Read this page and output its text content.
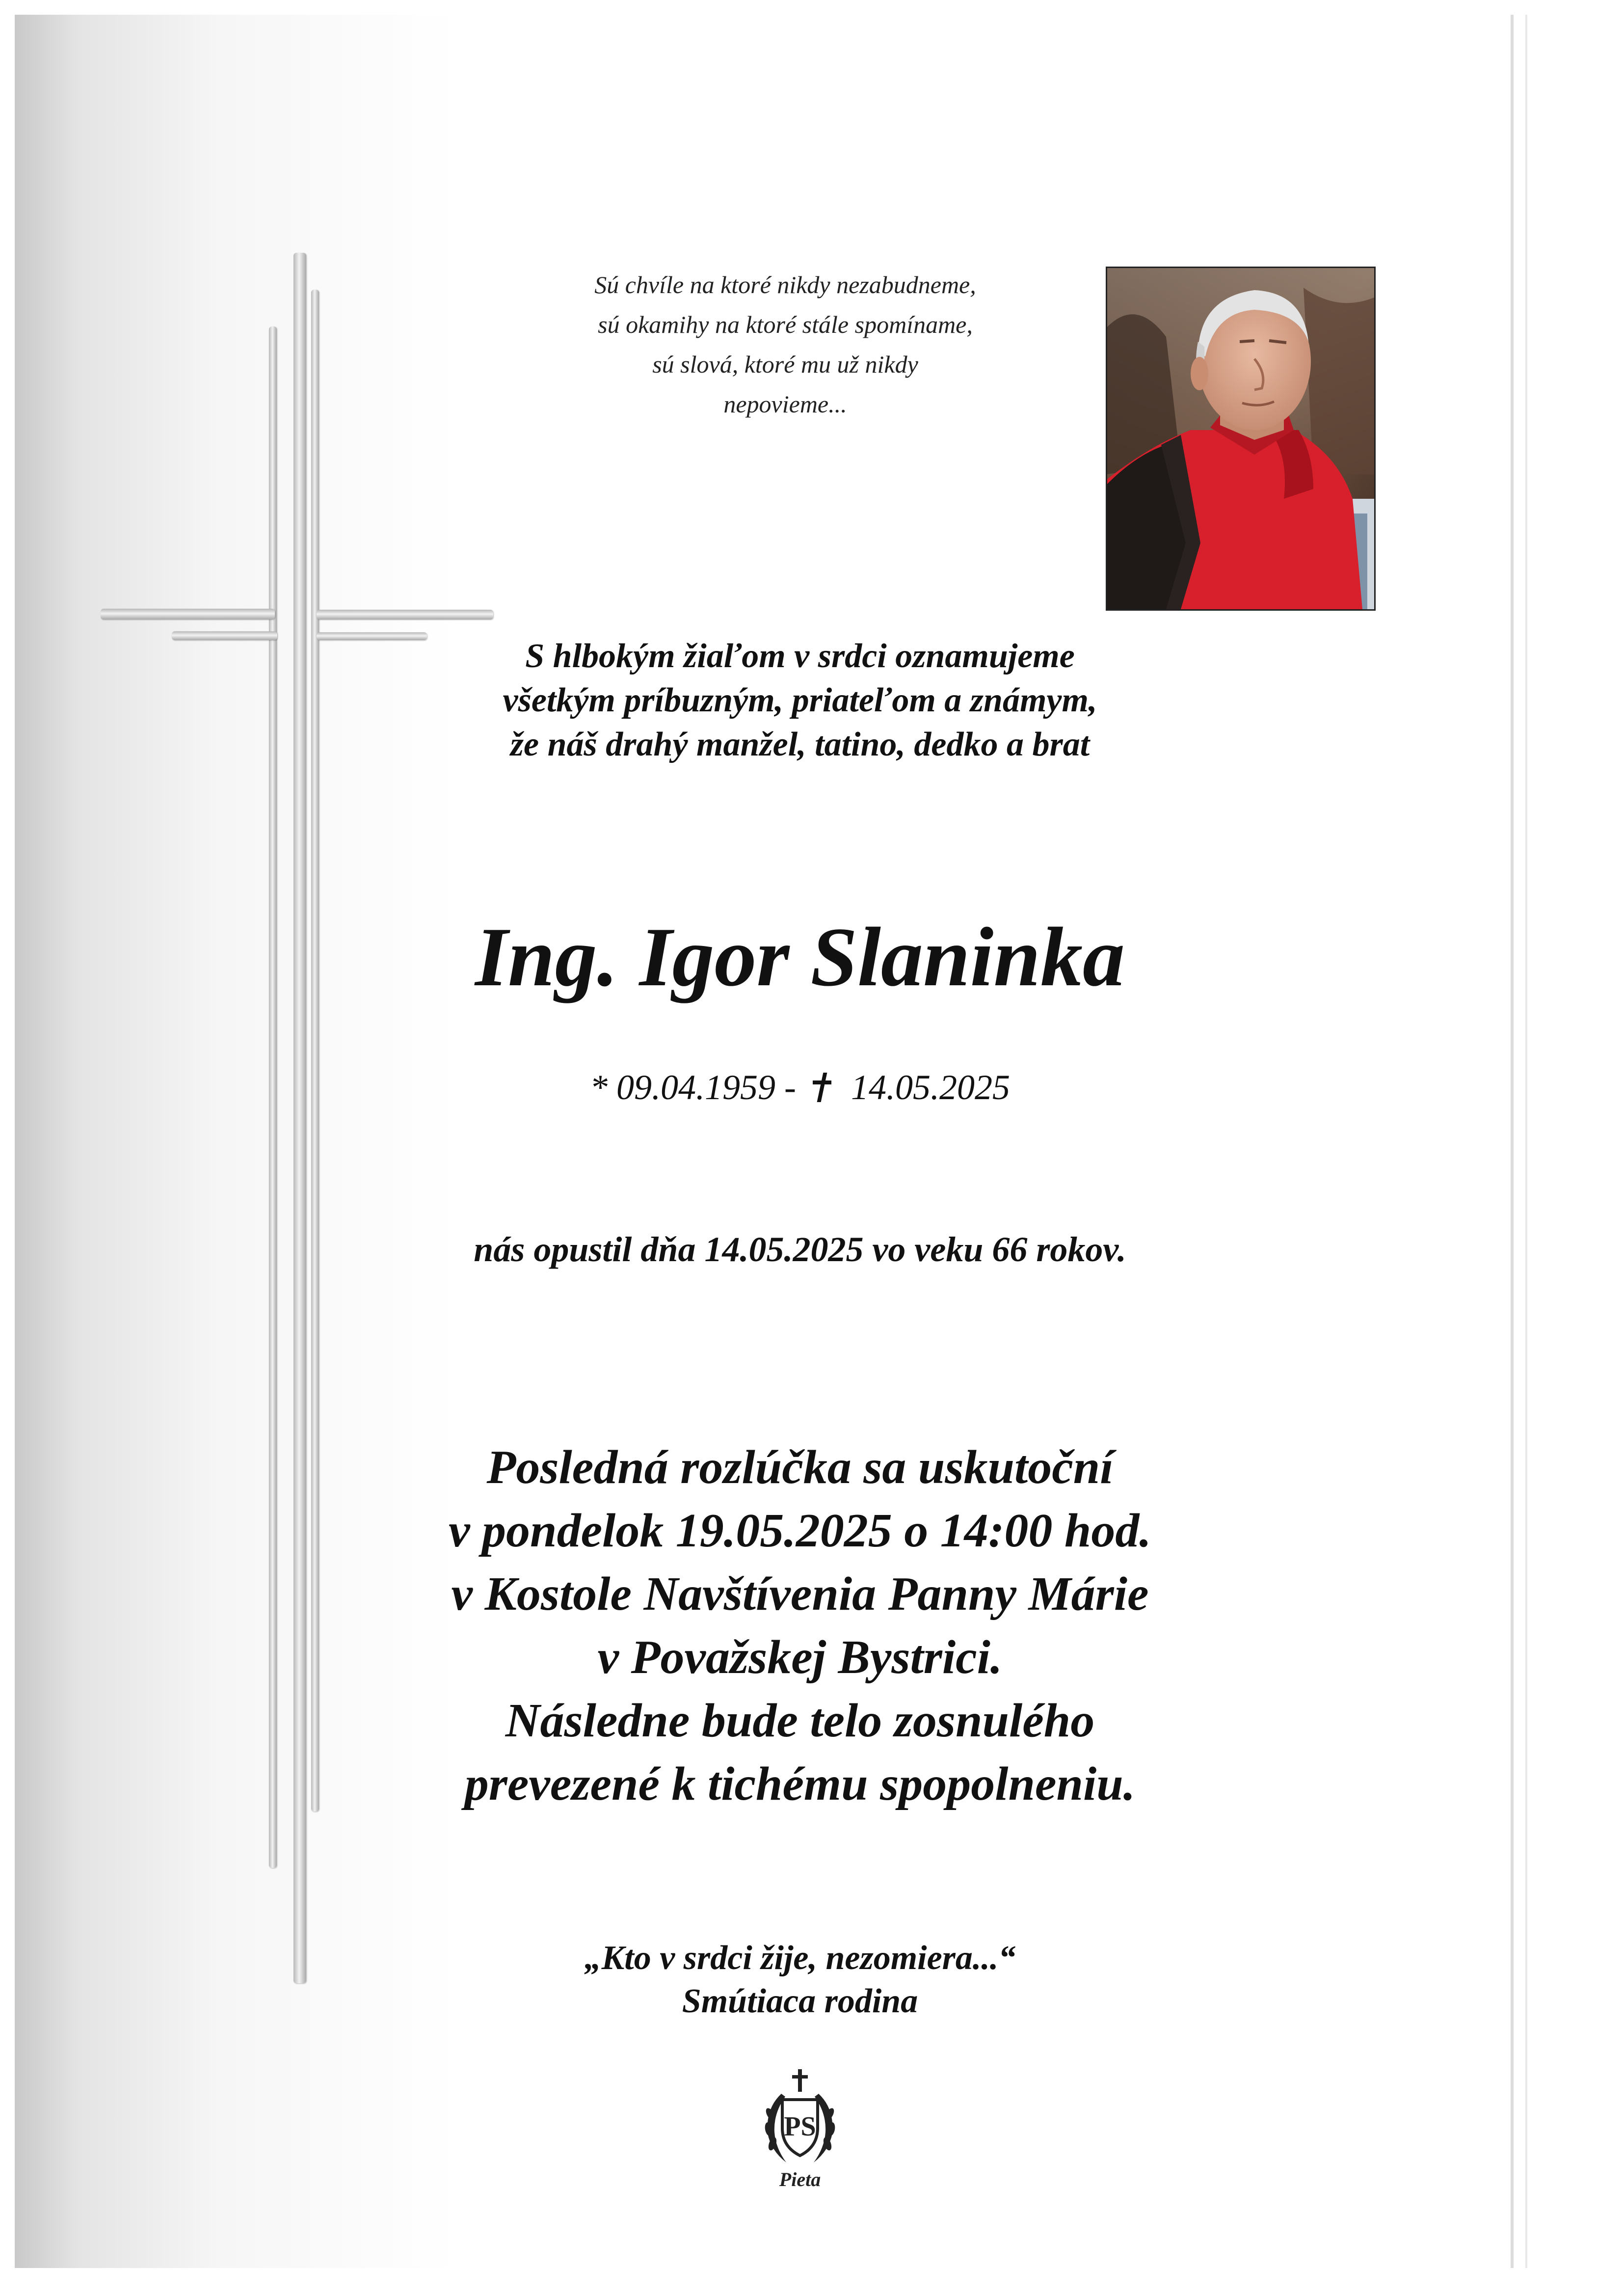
Sú chvíle na ktoré nikdy nezabudneme,
sú okamihy na ktoré stále spomíname,
sú slová, ktoré mu už nikdy
nepovieme...
S hlbokým žiaľom v srdci oznamujeme
všetkým príbuzným, priateľom a známym,
že náš drahý manžel, tatino, dedko a brat
Ing. Igor Slaninka
* 09.04.1959 - 14.05.2025
nás opustil dňa 14.05.2025 vo veku 66 rokov.
Posledná rozlúčka sa uskutoční
v pondelok 19.05.2025 o 14:00 hod.
v Kostole Navštívenia Panny Márie
v Považskej Bystrici.
Následne bude telo zosnulého
prevezené k tichému spopolneniu.
„Kto v srdci žije, nezomiera...“
Smútiaca rodina
PS
Pieta
